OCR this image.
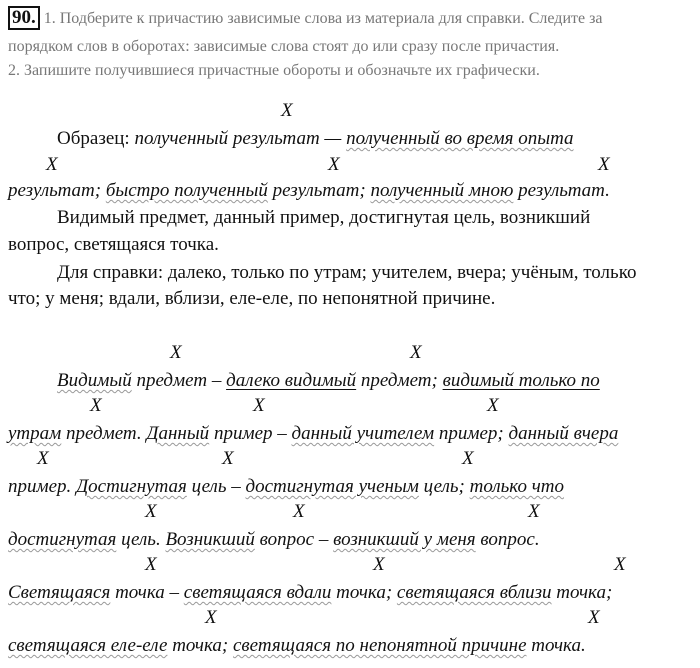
90. 1. Подберите к причастию зависимые слова из материала для справки. Следите за
порядком слов в оборотах: зависимые слова стоят до или сразу после причастия.
2. Запишите получившиеся причастные обороты и обозначьте их графически.
Образец: полученный результат — полученный во время опыта
результат; быстро полученный результат; полученный мною результат.
Видимый предмет, данный пример, достигнутая цель, возникший
вопрос, светящаяся точка.
Для справки: далеко, только по утрам; учителем, вчера; учёным, только
что; у меня; вдали, вблизи, еле-еле, по непонятной причине.
Видимый предмет – далеко видимый предмет; видимый только по
утрам предмет. Данный пример – данный учителем пример; данный вчера
пример. Достигнутая цель – достигнутая ученым цель; только что
достигнутая цель. Возникший вопрос – возникший у меня вопрос.
Светящаяся точка – светящаяся вдали точка; светящаяся вблизи точка;
светящаяся еле-еле точка; светящаяся по непонятной причине точка.
X
X	X	X
X	X
X	X	X
X	X	X
X	X	X
X	X	X
X	X
